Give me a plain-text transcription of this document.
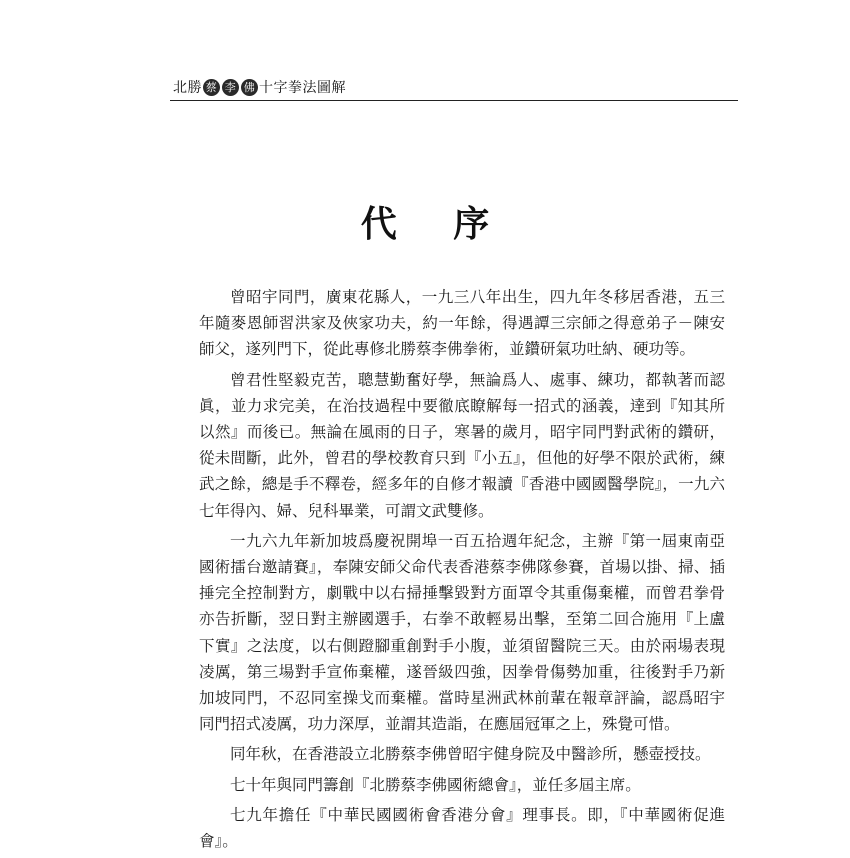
北勝 蔡 李 佛 十字拳法圖解
代 序

曾昭宇同門，廣東花縣人，一九三八年出生，四九年冬移居香港，五三年隨麥恩師習洪家及俠家功夫，約一年餘，得遇譚三宗師之得意弟子－陳安師父，遂列門下，從此專修北勝蔡李佛拳術，並鑽研氣功吐納、硬功等。

曾君性堅毅克苦，聰慧勤奮好學，無論爲人、處事、練功，都執著而認眞，並力求完美，在治技過程中要徹底瞭解每一招式的涵義，達到『知其所以然』而後已。無論在風雨的日子，寒暑的歲月，昭宇同門對武術的鑽研，從未間斷，此外，曾君的學校教育只到『小五』，但他的好學不限於武術，練武之餘，總是手不釋卷，經多年的自修才報讀『香港中國國醫學院』，一九六七年得內、婦、兒科畢業，可謂文武雙修。

一九六九年新加坡爲慶祝開埠一百五拾週年紀念，主辦『第一屆東南亞國術擂台邀請賽』，奉陳安師父命代表香港蔡李佛隊參賽，首場以掛、掃、插捶完全控制對方，劇戰中以右掃捶擊毀對方面罩令其重傷棄權，而曾君拳骨亦告折斷，翌日對主辦國選手，右拳不敢輕易出擊，至第二回合施用『上盧下實』之法度，以右側蹬腳重創對手小腹，並須留醫院三天。由於兩場表現凌厲，第三場對手宣佈棄權，遂晉級四強，因拳骨傷勢加重，往後對手乃新加坡同門，不忍同室操戈而棄權。當時星洲武林前輩在報章評論，認爲昭宇同門招式凌厲，功力深厚，並謂其造詣，在應屆冠軍之上，殊覺可惜。

同年秋，在香港設立北勝蔡李佛曾昭宇健身院及中醫診所，懸壺授技。

七十年與同門籌創『北勝蔡李佛國術總會』，並任多屆主席。

七九年擔任『中華民國國術會香港分會』理事長。即，『中華國術促進會』。
